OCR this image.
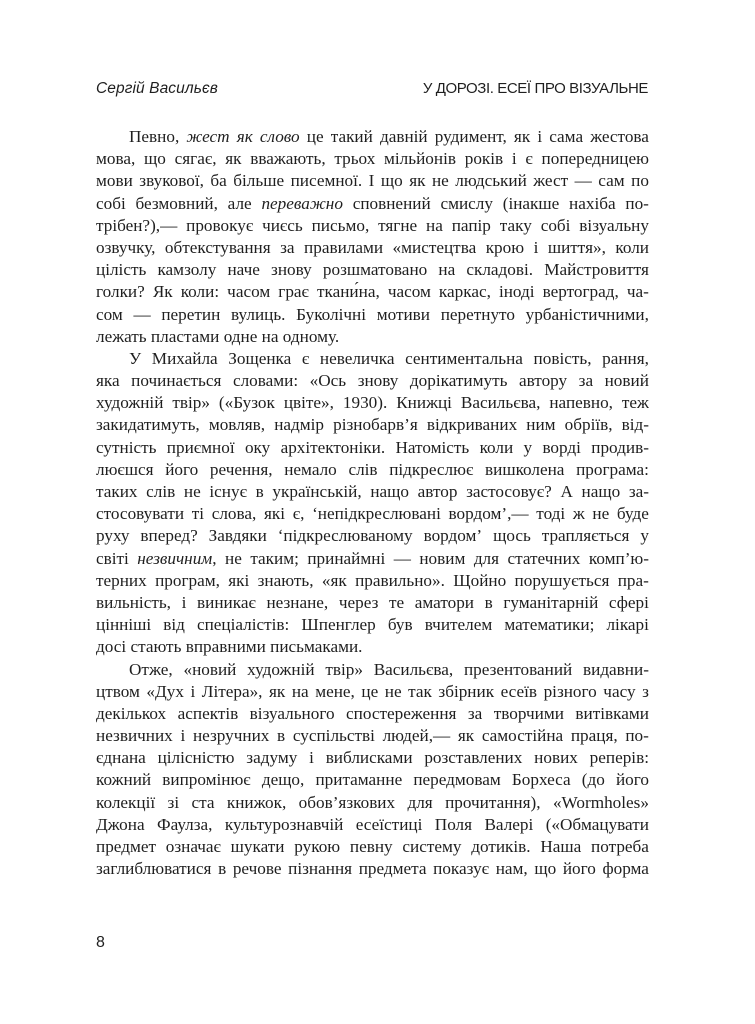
Сергій Васильєв	У ДОРОЗІ. ЕСЕЇ ПРО ВІЗУАЛЬНЕ
Певно, жест як слово це такий давній рудимент, як і сама жестова
мова, що сягає, як вважають, трьох мільйонів років і є попередницею
мови звукової, ба більше писемної. І що як не людський жест — сам по
собі безмовний, але переважно сповнений смислу (інакше нахіба по-
трібен?),— провокує чиєсь письмо, тягне на папір таку собі візуальну
озвучку, обтекстування за правилами «мистецтва крою і шиття», коли
цілість камзолу наче знову розшматовано на складові. Майстровиття
голки? Як коли: часом грає ткани́на, часом каркас, іноді вертоград, ча-
сом — перетин вулиць. Буколічні мотиви перетнуто урбаністичними,
лежать пластами одне на одному.
У Михайла Зощенка є невеличка сентиментальна повість, рання,
яка починається словами: «Ось знову дорікатимуть автору за новий
художній твір» («Бузок цвіте», 1930). Книжці Васильєва, напевно, теж
закидатимуть, мовляв, надмір різнобарв’я відкриваних ним обріїв, від-
сутність приємної оку архітектоніки. Натомість коли у ворді продив-
люєшся його речення, немало слів підкреслює вишколена програма:
таких слів не існує в українській, нащо автор застосовує? А нащо за-
стосовувати ті слова, які є, ‘непідкреслювані вордом’,— тоді ж не буде
руху вперед? Завдяки ‘підкреслюваному вордом’ щось трапляється у
світі незвичним, не таким; принаймні — новим для статечних комп’ю-
терних програм, які знають, «як правильно». Щойно порушується пра-
вильність, і виникає незнане, через те аматори в гуманітарній сфері
цінніші від спеціалістів: Шпенглер був вчителем математики; лікарі
досі стають вправними письмаками.
Отже, «новий художній твір» Васильєва, презентований видавни-
цтвом «Дух і Літера», як на мене, це не так збірник есеїв різного часу з
декількох аспектів візуального спостереження за творчими витівками
незвичних і незручних в суспільстві людей,— як самостійна праця, по-
єднана цілісністю задуму і виблисками розставлених нових реперів:
кожний випромінює дещо, притаманне передмовам Борхеса (до його
колекції зі ста книжок, обов’язкових для прочитання), «Wormholes»
Джона Фаулза, культурознавчій есеїстиці Поля Валері («Обмацувати
предмет означає шукати рукою певну систему дотиків. Наша потреба
заглиблюватися в речове пізнання предмета показує нам, що його форма
8
